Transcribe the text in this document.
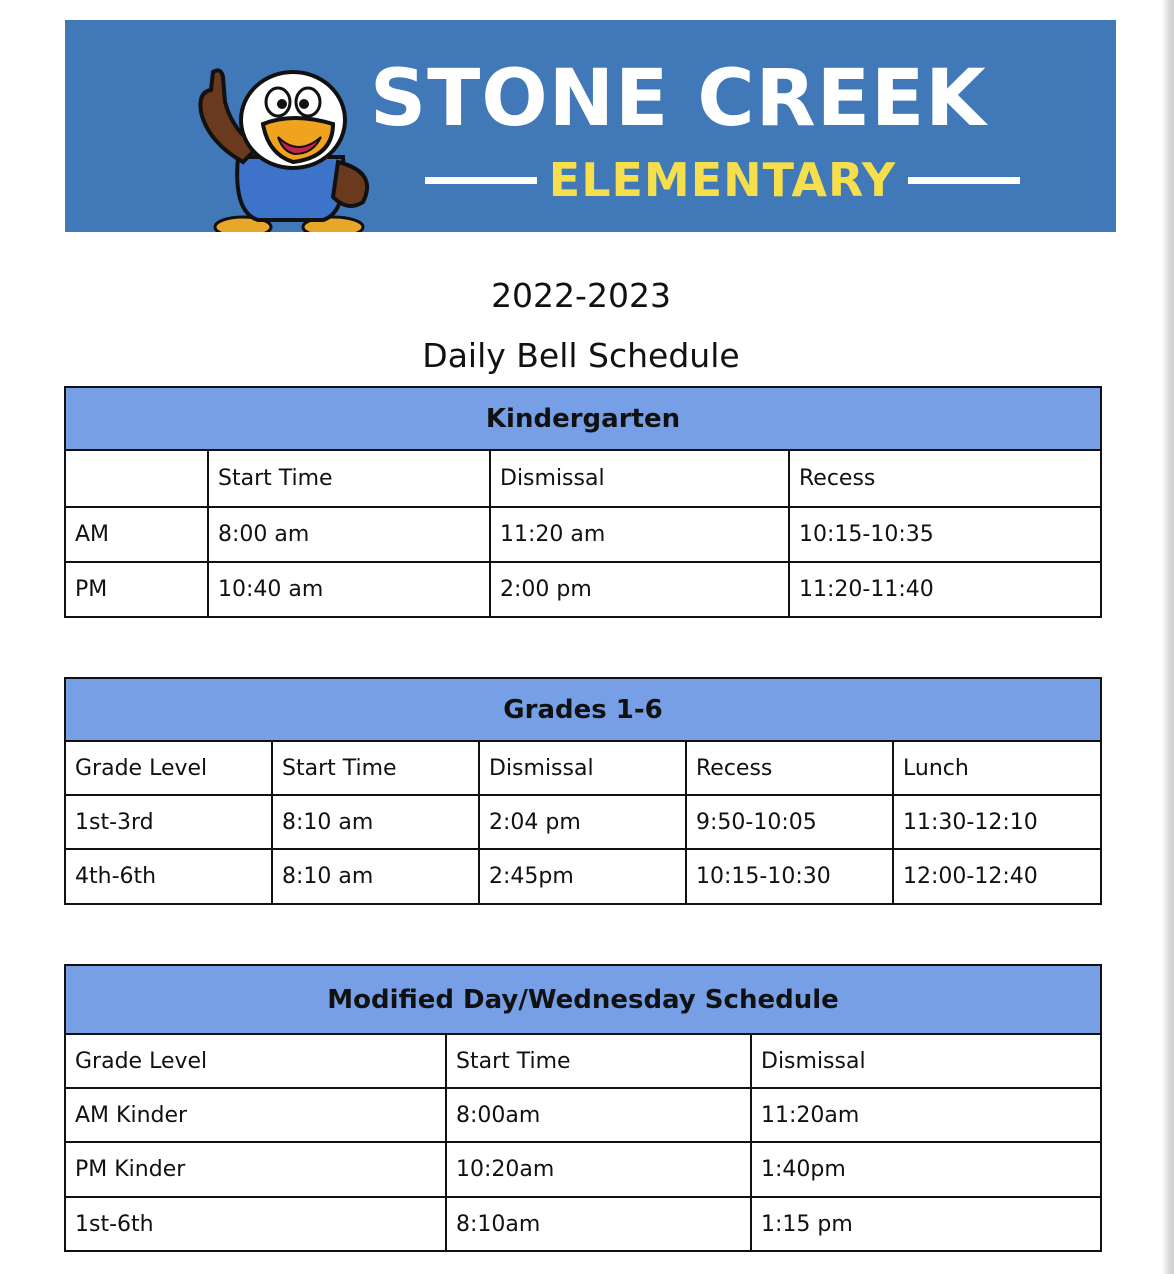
STONE CREEK
ELEMENTARY
2022-2023
Daily Bell Schedule
Kindergarten			
	Start Time	Dismissal	Recess
AM	8:00 am	11:20 am	10:15-10:35
PM	10:40 am	2:00 pm	11:20-11:40
Grades 1-6				
Grade Level	Start Time	Dismissal	Recess	Lunch
1st-3rd	8:10 am	2:04 pm	9:50-10:05	11:30-12:10
4th-6th	8:10 am	2:45pm	10:15-10:30	12:00-12:40
Modified Day/Wednesday Schedule		
Grade Level	Start Time	Dismissal
AM Kinder	8:00am	11:20am
PM Kinder	10:20am	1:40pm
1st-6th	8:10am	1:15 pm
